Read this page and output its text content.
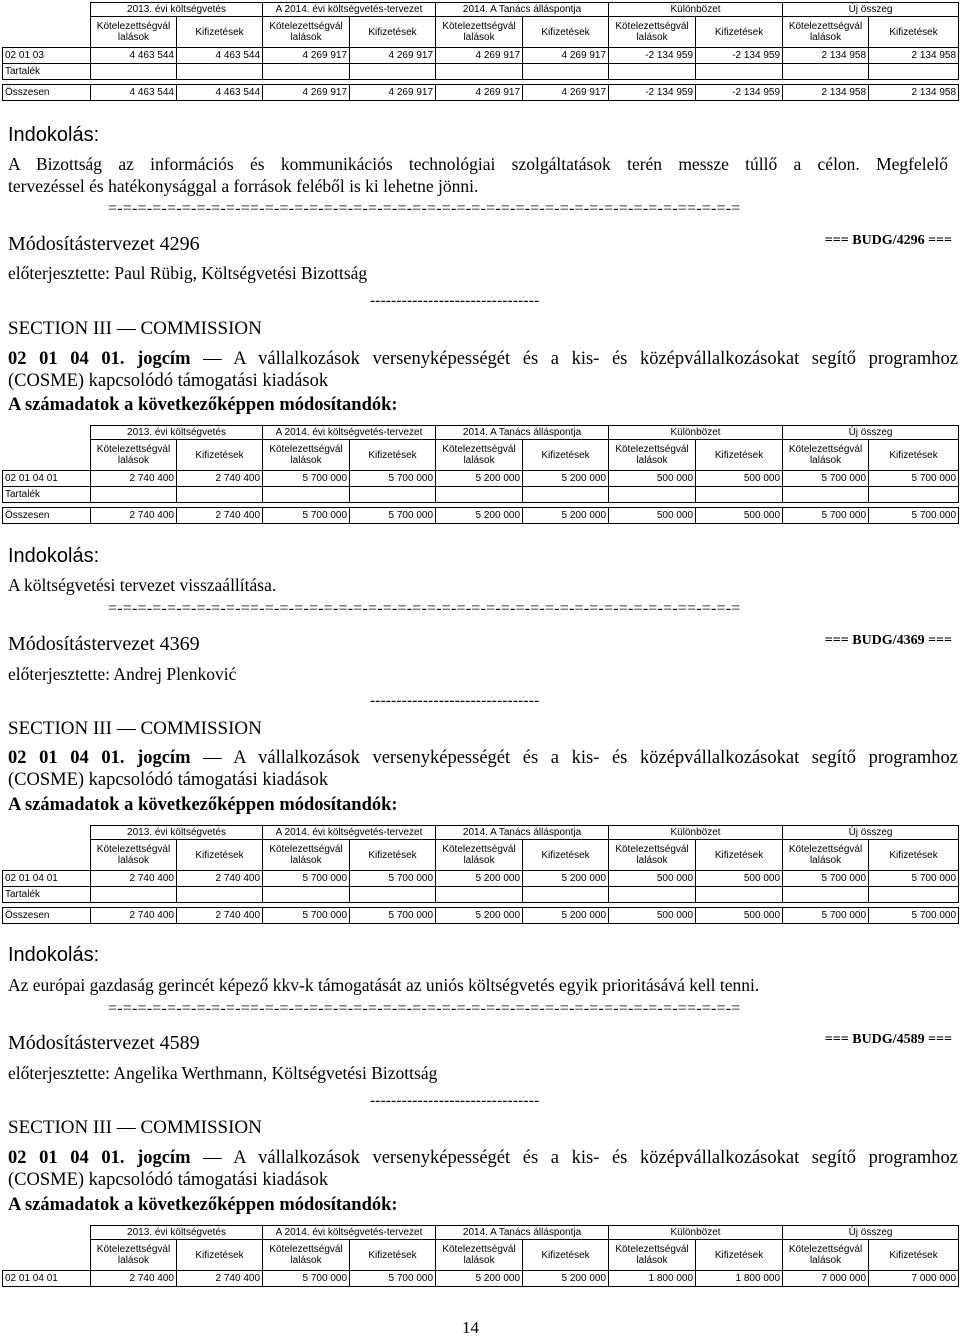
	2013. évi költségvetés		A 2014. évi költségvetés-tervezet		2014. A Tanács álláspontja		Különbözet		Új összeg	
	Kötelezettségvál lalások	Kifizetések	Kötelezettségvál lalások	Kifizetések	Kötelezettségvál lalások	Kifizetések	Kötelezettségvál lalások	Kifizetések	Kötelezettségvál lalások	Kifizetések
02 01 03	4 463 544	4 463 544	4 269 917	4 269 917	4 269 917	4 269 917	-2 134 959	-2 134 959	2 134 958	2 134 958
Tartalék										

Összesen	4 463 544	4 463 544	4 269 917	4 269 917	4 269 917	4 269 917	-2 134 959	-2 134 959	2 134 958	2 134 958
Indokolás:
A Bizottság az információs és kommunikációs technológiai szolgáltatások terén messze túllő a célon. Megfelelő
tervezéssel és hatékonysággal a források feléből is ki lehetne jönni.
=-=-=-=-=-=-=-=-=-==-=-=-=-=-=-=-=-=-=-=-=-=-=-=-=-=-=-=-=-=-=-=-=-=-=-=-=-=-==-=-=-=
Módosítástervezet 4296	=== BUDG/4296 ===
előterjesztette: Paul Rübig, Költségvetési Bizottság
--------------------------------
SECTION III — COMMISSION
02 01 04 01. jogcím — A vállalkozások versenyképességét és a kis- és középvállalkozásokat segítő programhoz
(COSME) kapcsolódó támogatási kiadások
A számadatok a következőképpen módosítandók:
	2013. évi költségvetés		A 2014. évi költségvetés-tervezet		2014. A Tanács álláspontja		Különbözet		Új összeg	
	Kötelezettségvál lalások	Kifizetések	Kötelezettségvál lalások	Kifizetések	Kötelezettségvál lalások	Kifizetések	Kötelezettségvál lalások	Kifizetések	Kötelezettségvál lalások	Kifizetések
02 01 04 01	2 740 400	2 740 400	5 700 000	5 700 000	5 200 000	5 200 000	500 000	500 000	5 700 000	5 700 000
Tartalék										

Összesen	2 740 400	2 740 400	5 700 000	5 700 000	5 200 000	5 200 000	500 000	500 000	5 700 000	5 700 000
Indokolás:
A költségvetési tervezet visszaállítása.
=-=-=-=-=-=-=-=-=-==-=-=-=-=-=-=-=-=-=-=-=-=-=-=-=-=-=-=-=-=-=-=-=-=-=-=-=-=-==-=-=-=
Módosítástervezet 4369	=== BUDG/4369 ===
előterjesztette: Andrej Plenković
--------------------------------
SECTION III — COMMISSION
02 01 04 01. jogcím — A vállalkozások versenyképességét és a kis- és középvállalkozásokat segítő programhoz
(COSME) kapcsolódó támogatási kiadások
A számadatok a következőképpen módosítandók:
	2013. évi költségvetés		A 2014. évi költségvetés-tervezet		2014. A Tanács álláspontja		Különbözet		Új összeg	
	Kötelezettségvál lalások	Kifizetések	Kötelezettségvál lalások	Kifizetések	Kötelezettségvál lalások	Kifizetések	Kötelezettségvál lalások	Kifizetések	Kötelezettségvál lalások	Kifizetések
02 01 04 01	2 740 400	2 740 400	5 700 000	5 700 000	5 200 000	5 200 000	500 000	500 000	5 700 000	5 700 000
Tartalék										

Összesen	2 740 400	2 740 400	5 700 000	5 700 000	5 200 000	5 200 000	500 000	500 000	5 700 000	5 700 000
Indokolás:
Az európai gazdaság gerincét képező kkv-k támogatását az uniós költségvetés egyik prioritásává kell tenni.
=-=-=-=-=-=-=-=-=-==-=-=-=-=-=-=-=-=-=-=-=-=-=-=-=-=-=-=-=-=-=-=-=-=-=-=-=-=-==-=-=-=
Módosítástervezet 4589	=== BUDG/4589 ===
előterjesztette: Angelika Werthmann, Költségvetési Bizottság
--------------------------------
SECTION III — COMMISSION
02 01 04 01. jogcím — A vállalkozások versenyképességét és a kis- és középvállalkozásokat segítő programhoz
(COSME) kapcsolódó támogatási kiadások
A számadatok a következőképpen módosítandók:
	2013. évi költségvetés		A 2014. évi költségvetés-tervezet		2014. A Tanács álláspontja		Különbözet		Új összeg	
	Kötelezettségvál lalások	Kifizetések	Kötelezettségvál lalások	Kifizetések	Kötelezettségvál lalások	Kifizetések	Kötelezettségvál lalások	Kifizetések	Kötelezettségvál lalások	Kifizetések
02 01 04 01	2 740 400	2 740 400	5 700 000	5 700 000	5 200 000	5 200 000	1 800 000	1 800 000	7 000 000	7 000 000
14
